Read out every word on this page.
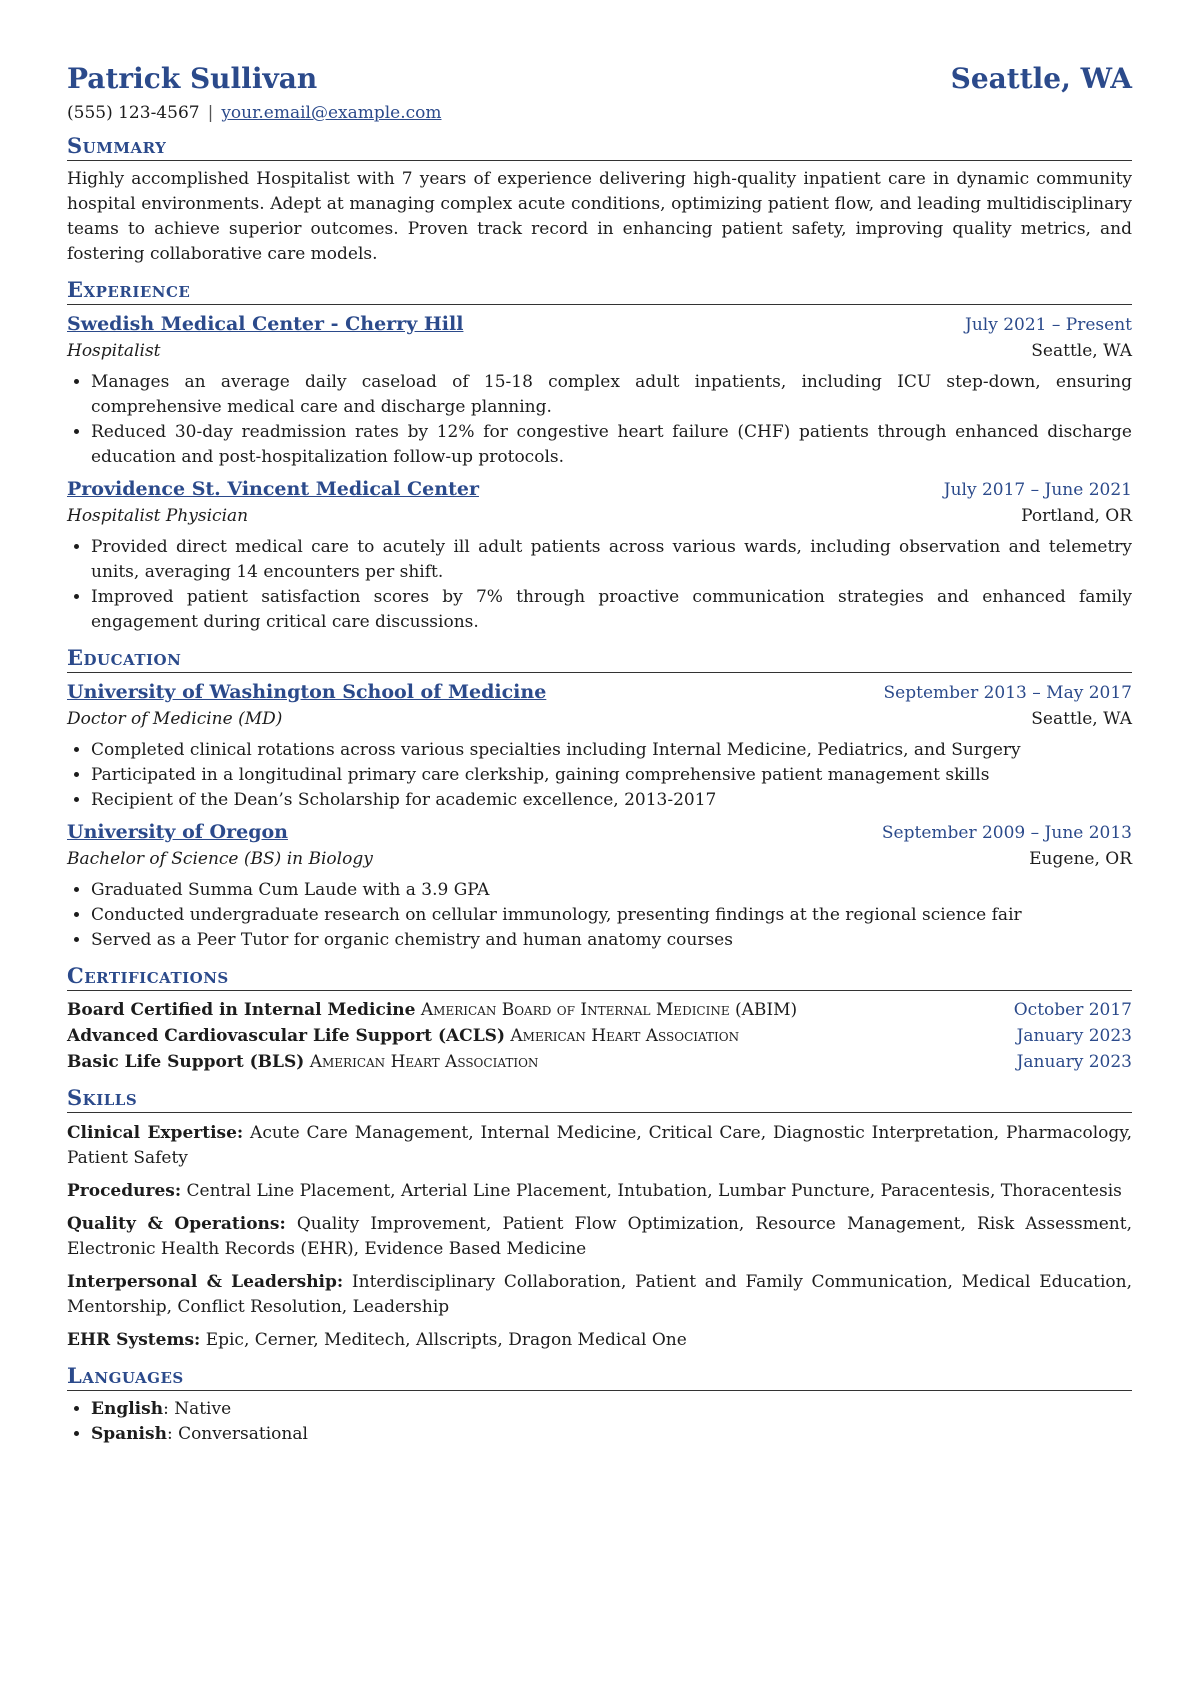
Patrick Sullivan	Seattle, WA
(555) 123-4567 | your.email@example.com
Summary

Highly accomplished Hospitalist with 7 years of experience delivering high-quality inpatient care in dynamic community hospital environments. Adept at managing complex acute conditions, optimizing patient flow, and leading multidisciplinary teams to achieve superior outcomes. Proven track record in enhancing patient safety, improving quality metrics, and fostering collaborative care models.

Experience
Swedish Medical Center - Cherry Hill	July 2021 – Present
Hospitalist	Seattle, WA
• Manages an average daily caseload of 15-18 complex adult inpatients, including ICU step-down, ensuring comprehensive medical care and discharge planning.
• Reduced 30-day readmission rates by 12% for congestive heart failure (CHF) patients through enhanced discharge education and post-hospitalization follow-up protocols.
Providence St. Vincent Medical Center	July 2017 – June 2021
Hospitalist Physician	Portland, OR
• Provided direct medical care to acutely ill adult patients across various wards, including observation and telemetry units, averaging 14 encounters per shift.
• Improved patient satisfaction scores by 7% through proactive communication strategies and enhanced family engagement during critical care discussions.
Education
University of Washington School of Medicine	September 2013 – May 2017
Doctor of Medicine (MD)	Seattle, WA
• Completed clinical rotations across various specialties including Internal Medicine, Pediatrics, and Surgery
• Participated in a longitudinal primary care clerkship, gaining comprehensive patient management skills
• Recipient of the Dean’s Scholarship for academic excellence, 2013-2017
University of Oregon	September 2009 – June 2013
Bachelor of Science (BS) in Biology	Eugene, OR
• Graduated Summa Cum Laude with a 3.9 GPA
• Conducted undergraduate research on cellular immunology, presenting findings at the regional science fair
• Served as a Peer Tutor for organic chemistry and human anatomy courses
Certifications
Board Certified in Internal Medicine American Board of Internal Medicine (ABIM)	October 2017
Advanced Cardiovascular Life Support (ACLS) American Heart Association	January 2023
Basic Life Support (BLS) American Heart Association	January 2023
Skills

Clinical Expertise: Acute Care Management, Internal Medicine, Critical Care, Diagnostic Interpretation, Pharmacology, Patient Safety

Procedures: Central Line Placement, Arterial Line Placement, Intubation, Lumbar Puncture, Paracentesis, Thoracentesis

Quality & Operations: Quality Improvement, Patient Flow Optimization, Resource Management, Risk Assessment, Electronic Health Records (EHR), Evidence Based Medicine

Interpersonal & Leadership: Interdisciplinary Collaboration, Patient and Family Communication, Medical Education, Mentorship, Conflict Resolution, Leadership

EHR Systems: Epic, Cerner, Meditech, Allscripts, Dragon Medical One

Languages
• English: Native
• Spanish: Conversational
